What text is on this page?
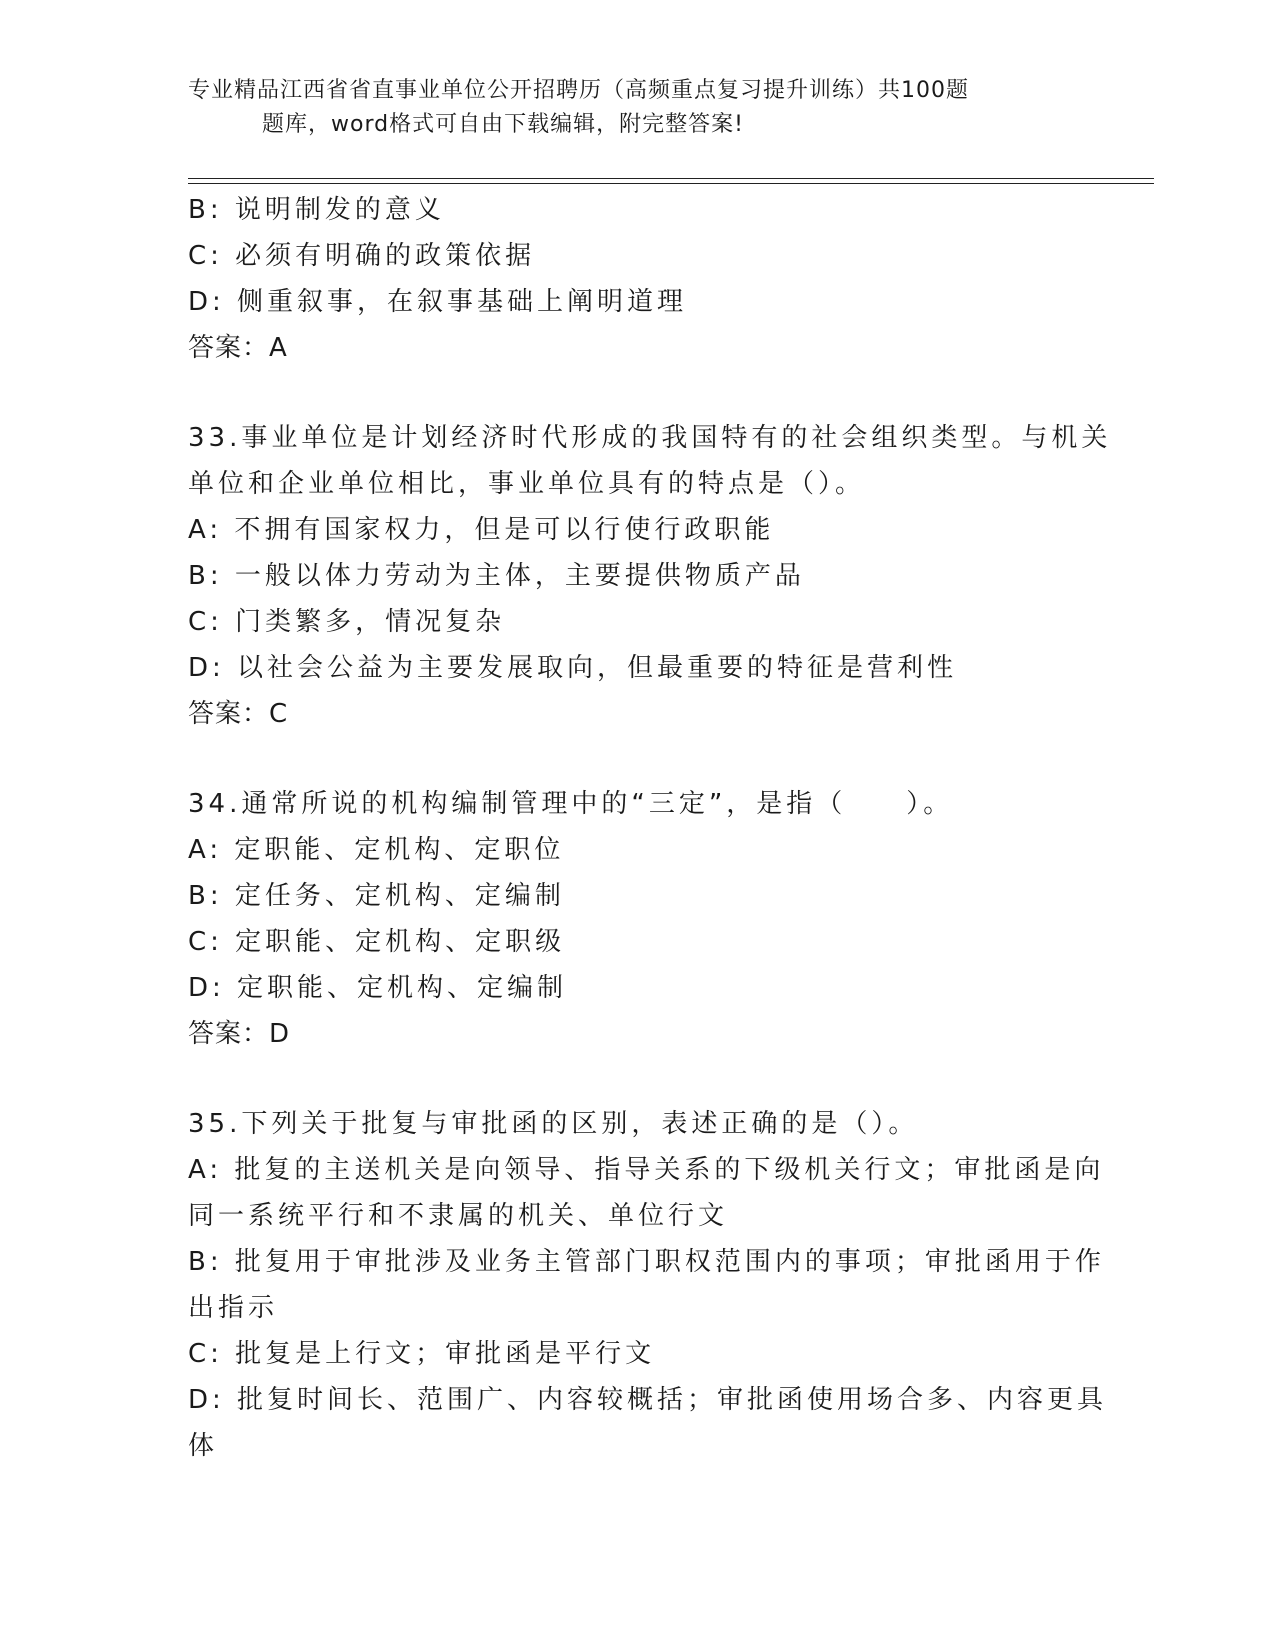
专业精品江西省省直事业单位公开招聘历（高频重点复习提升训练）共100题
题库，word格式可自由下载编辑，附完整答案!
B: 说明制发的意义
C: 必须有明确的政策依据
D: 侧重叙事，在叙事基础上阐明道理
答案：A
33.事业单位是计划经济时代形成的我国特有的社会组织类型。与机关
单位和企业单位相比，事业单位具有的特点是（）。
A: 不拥有国家权力，但是可以行使行政职能
B: 一般以体力劳动为主体，主要提供物质产品
C: 门类繁多，情况复杂
D: 以社会公益为主要发展取向，但最重要的特征是营利性
答案：C
34.通常所说的机构编制管理中的“三定”，是指（　　）。
A: 定职能、定机构、定职位
B: 定任务、定机构、定编制
C: 定职能、定机构、定职级
D: 定职能、定机构、定编制
答案：D
35.下列关于批复与审批函的区别，表述正确的是（）。
A: 批复的主送机关是向领导、指导关系的下级机关行文；审批函是向
同一系统平行和不隶属的机关、单位行文
B: 批复用于审批涉及业务主管部门职权范围内的事项；审批函用于作
出指示
C: 批复是上行文；审批函是平行文
D: 批复时间长、范围广、内容较概括；审批函使用场合多、内容更具
体
